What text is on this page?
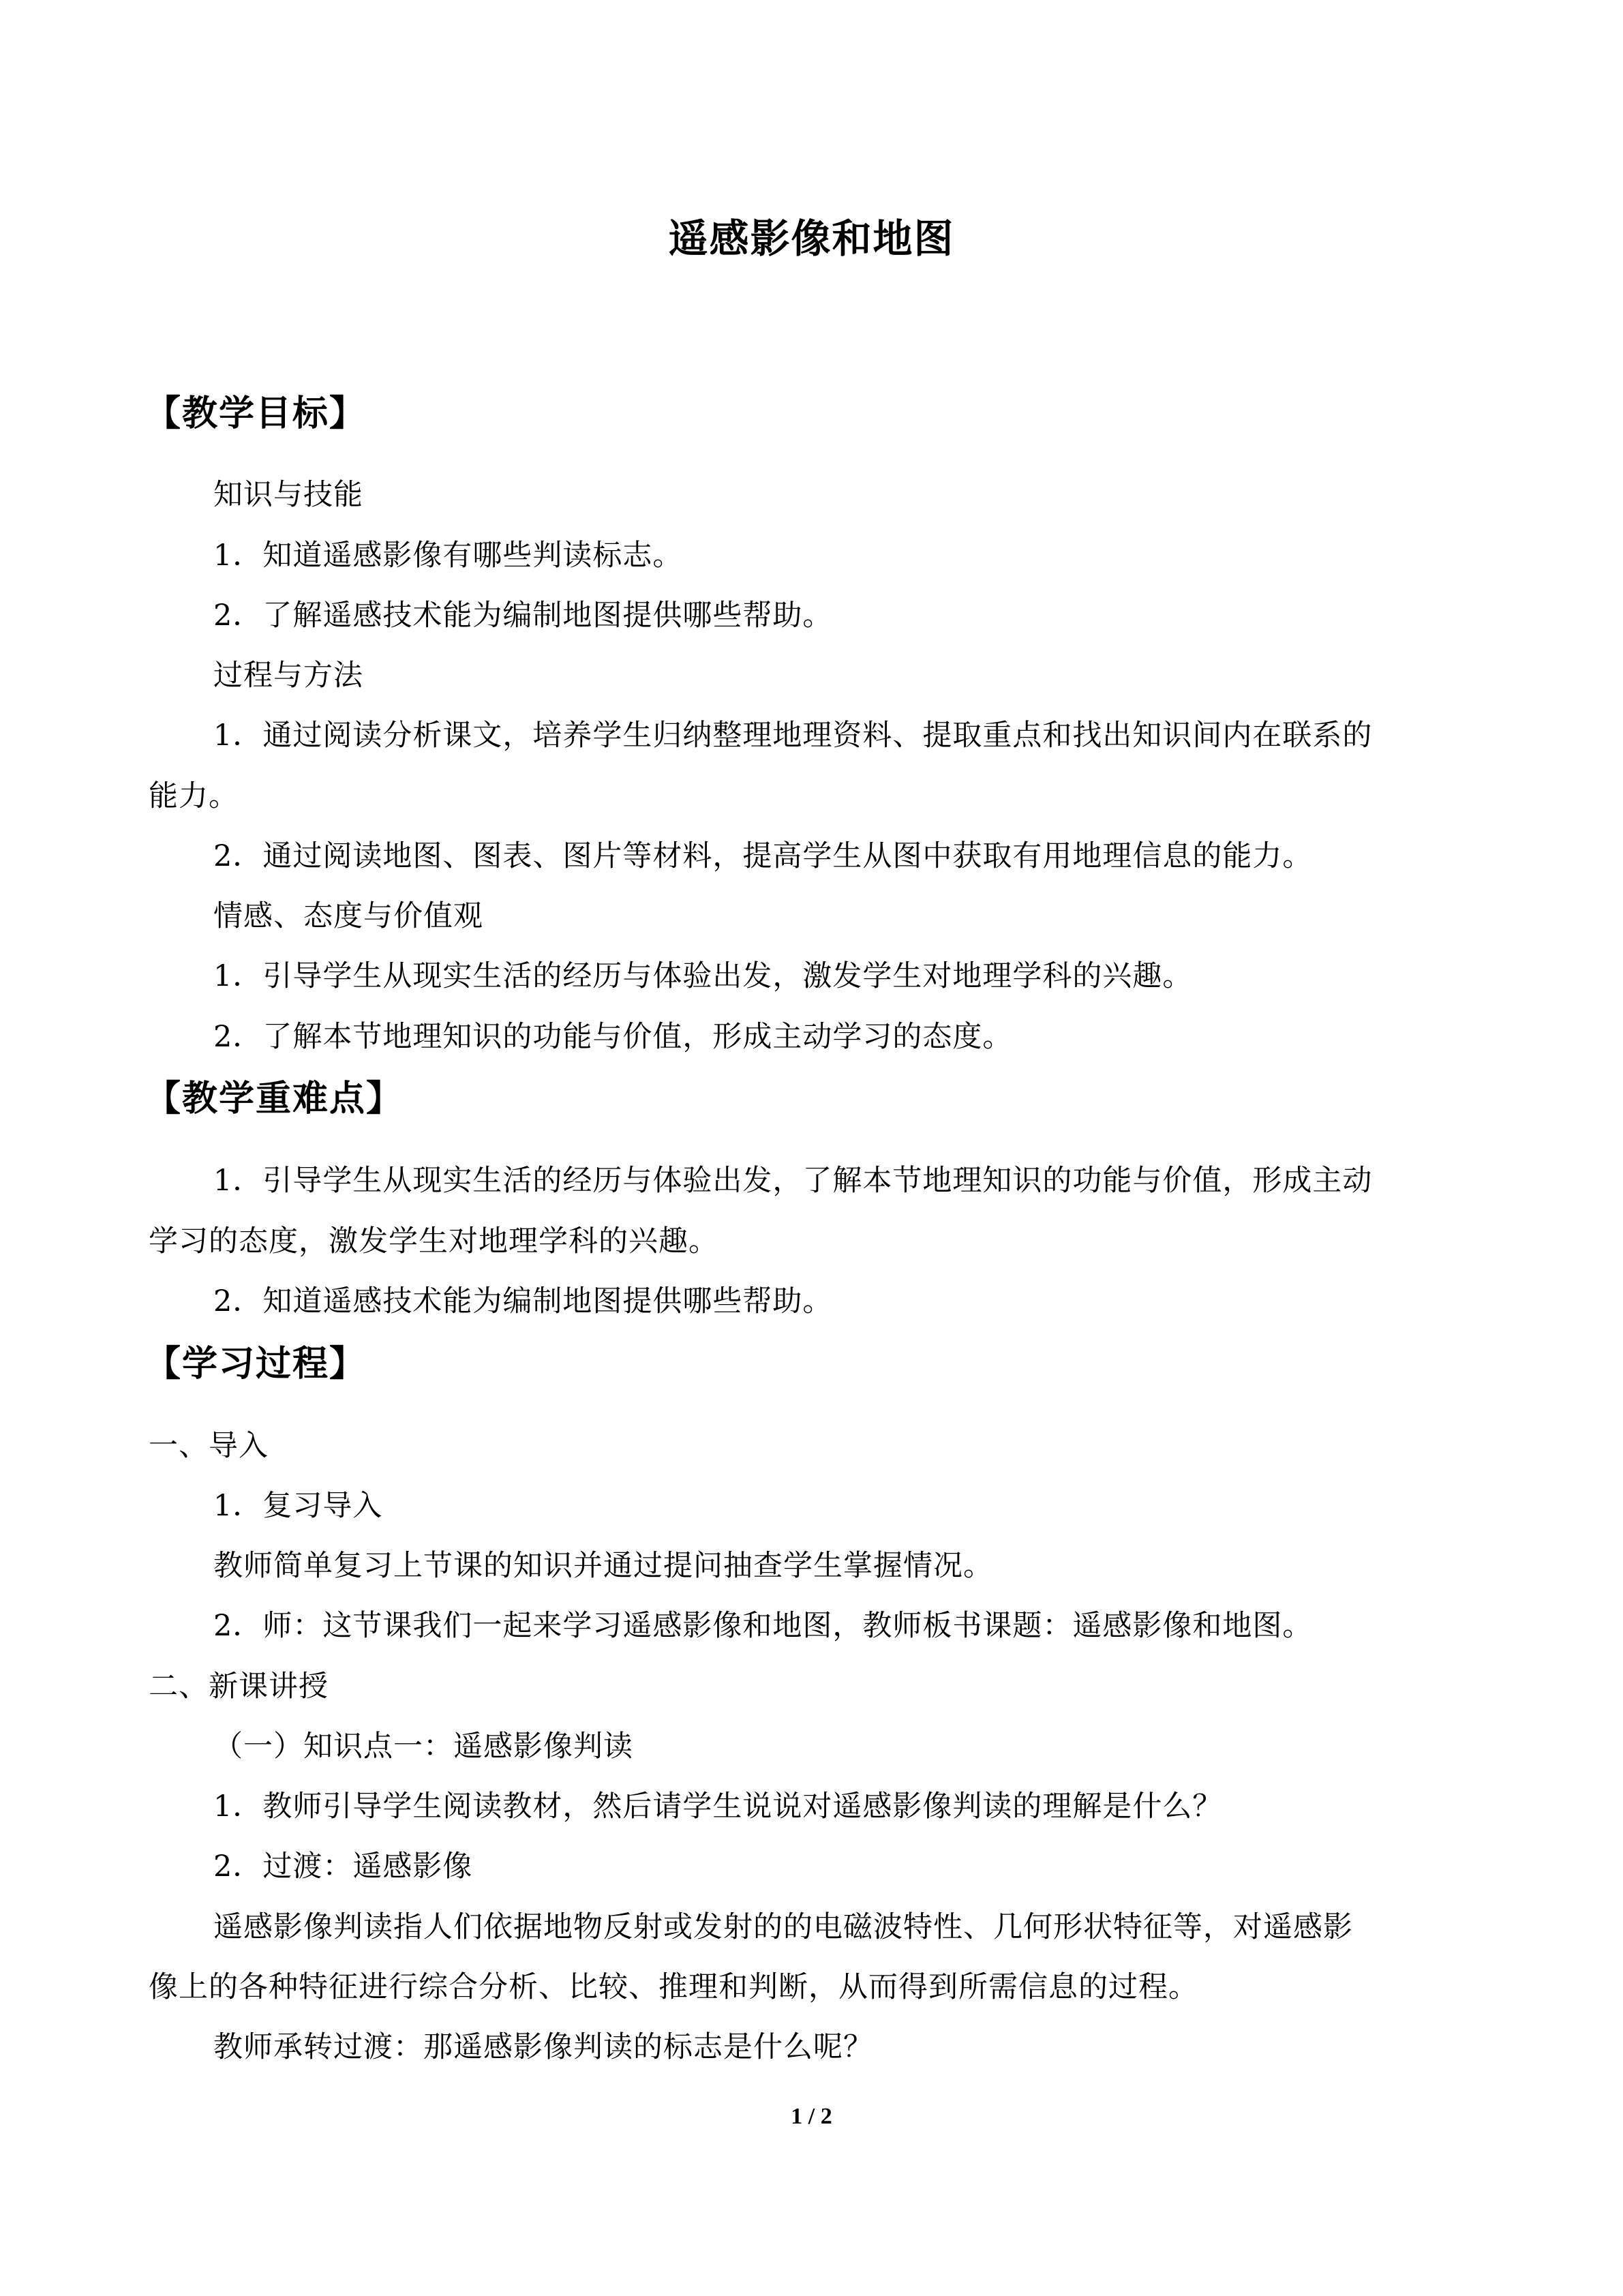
遥感影像和地图
【教学目标】
知识与技能
1．知道遥感影像有哪些判读标志。
2．了解遥感技术能为编制地图提供哪些帮助。
过程与方法
1．通过阅读分析课文，培养学生归纳整理地理资料、提取重点和找出知识间内在联系的
能力。
2．通过阅读地图、图表、图片等材料，提高学生从图中获取有用地理信息的能力。
情感、态度与价值观
1．引导学生从现实生活的经历与体验出发，激发学生对地理学科的兴趣。
2．了解本节地理知识的功能与价值，形成主动学习的态度。
【教学重难点】
1．引导学生从现实生活的经历与体验出发，了解本节地理知识的功能与价值，形成主动
学习的态度，激发学生对地理学科的兴趣。
2．知道遥感技术能为编制地图提供哪些帮助。
【学习过程】
一、导入
1．复习导入
教师简单复习上节课的知识并通过提问抽查学生掌握情况。
2．师：这节课我们一起来学习遥感影像和地图，教师板书课题：遥感影像和地图。
二、新课讲授
（一）知识点一：遥感影像判读
1．教师引导学生阅读教材，然后请学生说说对遥感影像判读的理解是什么？
2．过渡：遥感影像
遥感影像判读指人们依据地物反射或发射的的电磁波特性、几何形状特征等，对遥感影
像上的各种特征进行综合分析、比较、推理和判断，从而得到所需信息的过程。
教师承转过渡：那遥感影像判读的标志是什么呢？
1 / 2
